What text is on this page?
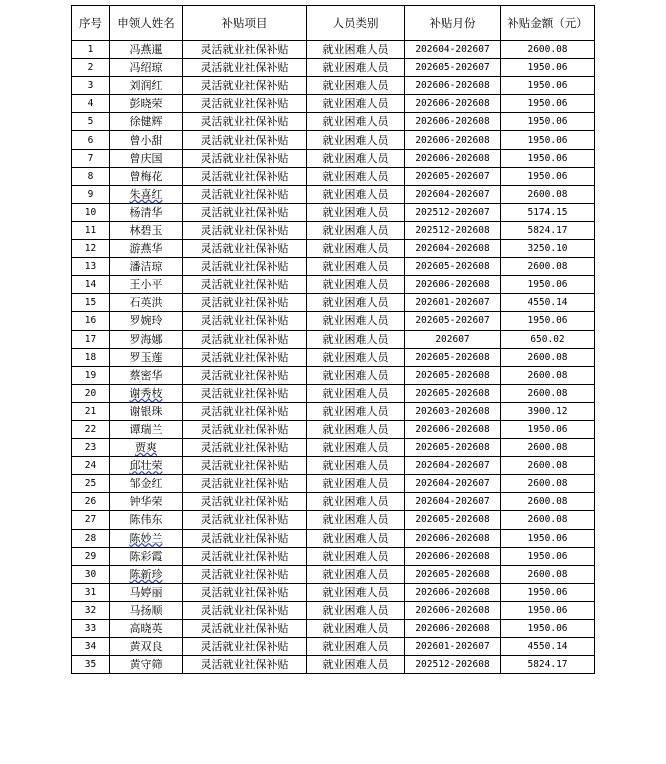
序号	申领人姓名	补贴项目	人员类别	补贴月份	补贴金额（元）

1	冯燕暹	灵活就业社保补贴	就业困难人员	202604-202607	2600.08
2	冯绍琼	灵活就业社保补贴	就业困难人员	202605-202607	1950.06
3	刘润红	灵活就业社保补贴	就业困难人员	202606-202608	1950.06
4	彭晓荣	灵活就业社保补贴	就业困难人员	202606-202608	1950.06
5	徐健辉	灵活就业社保补贴	就业困难人员	202606-202608	1950.06
6	曾小甜	灵活就业社保补贴	就业困难人员	202606-202608	1950.06
7	曾庆国	灵活就业社保补贴	就业困难人员	202606-202608	1950.06
8	曾梅花	灵活就业社保补贴	就业困难人员	202605-202607	1950.06
9	朱喜红	灵活就业社保补贴	就业困难人员	202604-202607	2600.08
10	杨清华	灵活就业社保补贴	就业困难人员	202512-202607	5174.15
11	林碧玉	灵活就业社保补贴	就业困难人员	202512-202608	5824.17
12	游燕华	灵活就业社保补贴	就业困难人员	202604-202608	3250.10
13	潘洁琼	灵活就业社保补贴	就业困难人员	202605-202608	2600.08
14	王小平	灵活就业社保补贴	就业困难人员	202606-202608	1950.06
15	石英洪	灵活就业社保补贴	就业困难人员	202601-202607	4550.14
16	罗婉玲	灵活就业社保补贴	就业困难人员	202605-202607	1950.06
17	罗海娜	灵活就业社保补贴	就业困难人员	202607	650.02
18	罗玉莲	灵活就业社保补贴	就业困难人员	202605-202608	2600.08
19	蔡密华	灵活就业社保补贴	就业困难人员	202605-202608	2600.08
20	谢秀枝	灵活就业社保补贴	就业困难人员	202605-202608	2600.08
21	谢银珠	灵活就业社保补贴	就业困难人员	202603-202608	3900.12
22	谭瑞兰	灵活就业社保补贴	就业困难人员	202606-202608	1950.06
23	贾爽	灵活就业社保补贴	就业困难人员	202605-202608	2600.08
24	邱壮荣	灵活就业社保补贴	就业困难人员	202604-202607	2600.08
25	邹金红	灵活就业社保补贴	就业困难人员	202604-202607	2600.08
26	钟华荣	灵活就业社保补贴	就业困难人员	202604-202607	2600.08
27	陈伟东	灵活就业社保补贴	就业困难人员	202605-202608	2600.08
28	陈妙兰	灵活就业社保补贴	就业困难人员	202606-202608	1950.06
29	陈彩霞	灵活就业社保补贴	就业困难人员	202606-202608	1950.06
30	陈新珍	灵活就业社保补贴	就业困难人员	202605-202608	2600.08
31	马婷丽	灵活就业社保补贴	就业困难人员	202606-202608	1950.06
32	马扬顺	灵活就业社保补贴	就业困难人员	202606-202608	1950.06
33	高晓英	灵活就业社保补贴	就业困难人员	202606-202608	1950.06
34	黄双良	灵活就业社保补贴	就业困难人员	202601-202607	4550.14
35	黄守筛	灵活就业社保补贴	就业困难人员	202512-202608	5824.17
